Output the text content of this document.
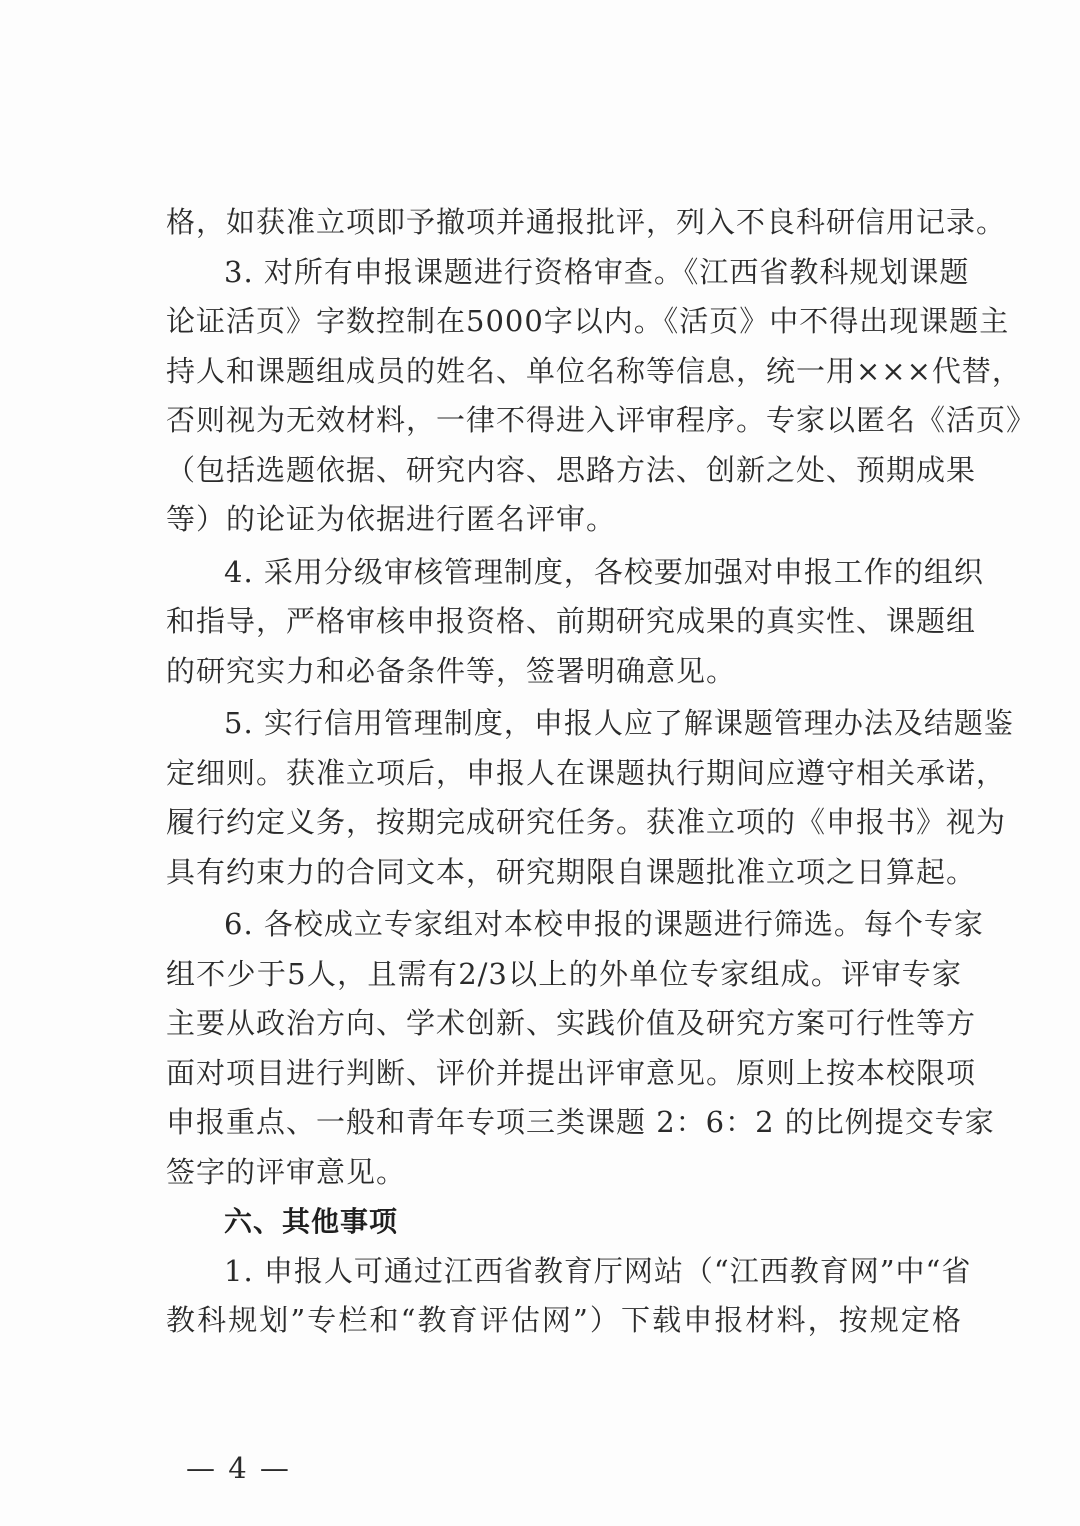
格，如获准立项即予撤项并通报批评，列入不良科研信用记录。
3. 对所有申报课题进行资格审查。《江西省教科规划课题
论证活页》字数控制在5000字以内。《活页》中不得出现课题主
持人和课题组成员的姓名、单位名称等信息，统一用×××代替，
否则视为无效材料，一律不得进入评审程序。专家以匿名《活页》
（包括选题依据、研究内容、思路方法、创新之处、预期成果
等）的论证为依据进行匿名评审。
4. 采用分级审核管理制度，各校要加强对申报工作的组织
和指导，严格审核申报资格、前期研究成果的真实性、课题组
的研究实力和必备条件等，签署明确意见。
5. 实行信用管理制度，申报人应了解课题管理办法及结题鉴
定细则。获准立项后，申报人在课题执行期间应遵守相关承诺，
履行约定义务，按期完成研究任务。获准立项的《申报书》视为
具有约束力的合同文本，研究期限自课题批准立项之日算起。
6. 各校成立专家组对本校申报的课题进行筛选。每个专家
组不少于5人，且需有2/3以上的外单位专家组成。评审专家
主要从政治方向、学术创新、实践价值及研究方案可行性等方
面对项目进行判断、评价并提出评审意见。原则上按本校限项
申报重点、一般和青年专项三类课题 2：6：2 的比例提交专家
签字的评审意见。
六、其他事项
1. 申报人可通过江西省教育厅网站（“江西教育网”中“省
教科规划”专栏和“教育评估网”）下载申报材料，按规定格
— 4 —
